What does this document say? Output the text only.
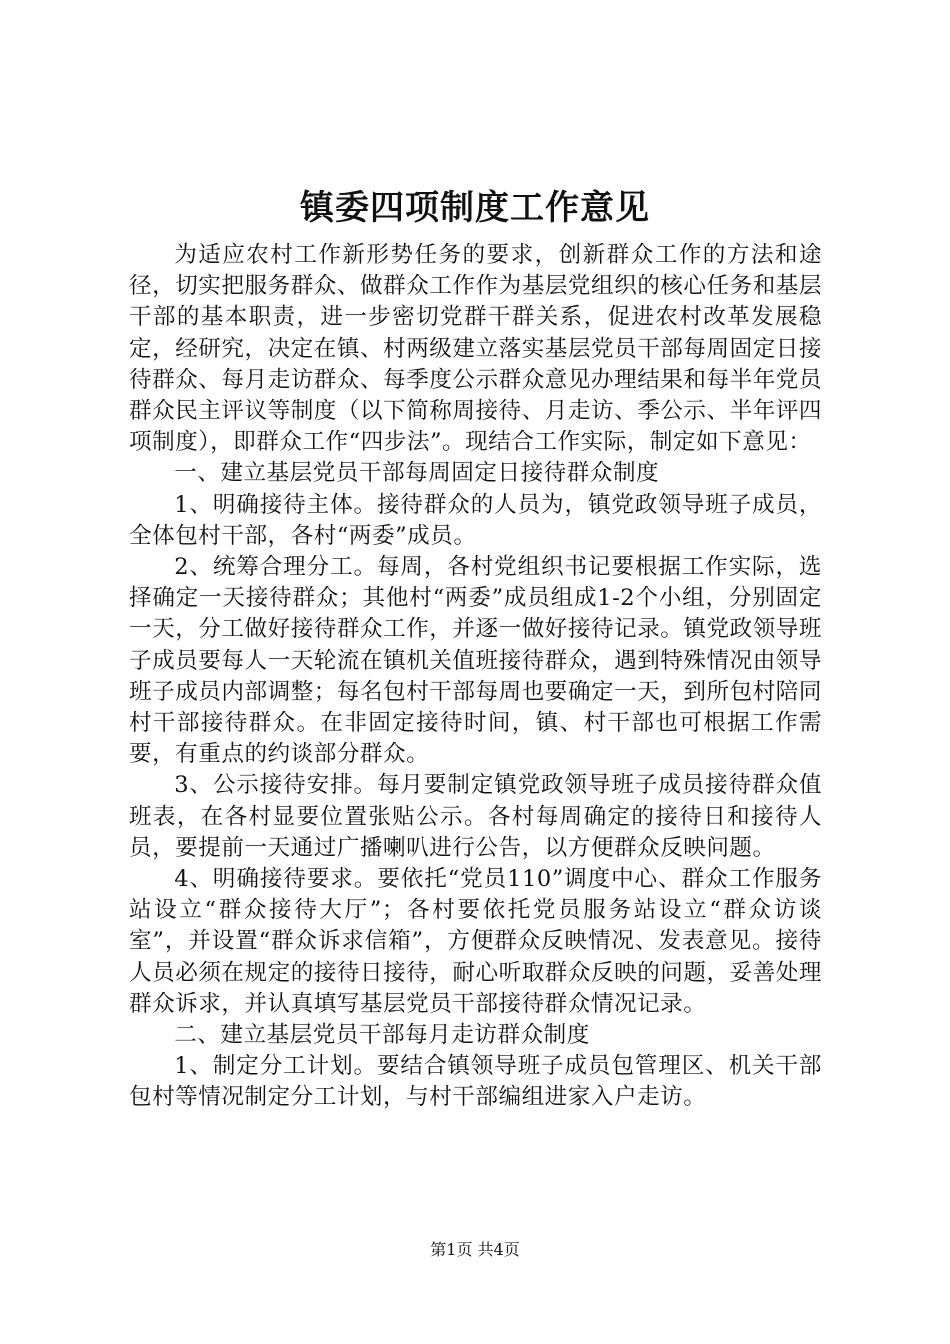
镇委四项制度工作意见

为适应农村工作新形势任务的要求，创新群众工作的方法和途径，切实把服务群众、做群众工作作为基层党组织的核心任务和基层干部的基本职责，进一步密切党群干群关系，促进农村改革发展稳定，经研究，决定在镇、村两级建立落实基层党员干部每周固定日接待群众、每月走访群众、每季度公示群众意见办理结果和每半年党员群众民主评议等制度（以下简称周接待、月走访、季公示、半年评四项制度），即群众工作“四步法”。现结合工作实际，制定如下意见：

一、建立基层党员干部每周固定日接待群众制度

1、明确接待主体。接待群众的人员为，镇党政领导班子成员，全体包村干部，各村“两委”成员。

2、统筹合理分工。每周，各村党组织书记要根据工作实际，选择确定一天接待群众；其他村“两委”成员组成1-2个小组，分别固定一天，分工做好接待群众工作，并逐一做好接待记录。镇党政领导班子成员要每人一天轮流在镇机关值班接待群众，遇到特殊情况由领导班子成员内部调整；每名包村干部每周也要确定一天，到所包村陪同村干部接待群众。在非固定接待时间，镇、村干部也可根据工作需要，有重点的约谈部分群众。

3、公示接待安排。每月要制定镇党政领导班子成员接待群众值班表，在各村显要位置张贴公示。各村每周确定的接待日和接待人员，要提前一天通过广播喇叭进行公告，以方便群众反映问题。

4、明确接待要求。要依托“党员110”调度中心、群众工作服务站设立“群众接待大厅”；各村要依托党员服务站设立“群众访谈室”，并设置“群众诉求信箱”，方便群众反映情况、发表意见。接待人员必须在规定的接待日接待，耐心听取群众反映的问题，妥善处理群众诉求，并认真填写基层党员干部接待群众情况记录。

二、建立基层党员干部每月走访群众制度

1、制定分工计划。要结合镇领导班子成员包管理区、机关干部包村等情况制定分工计划，与村干部编组进家入户走访。

第1页 共4页
